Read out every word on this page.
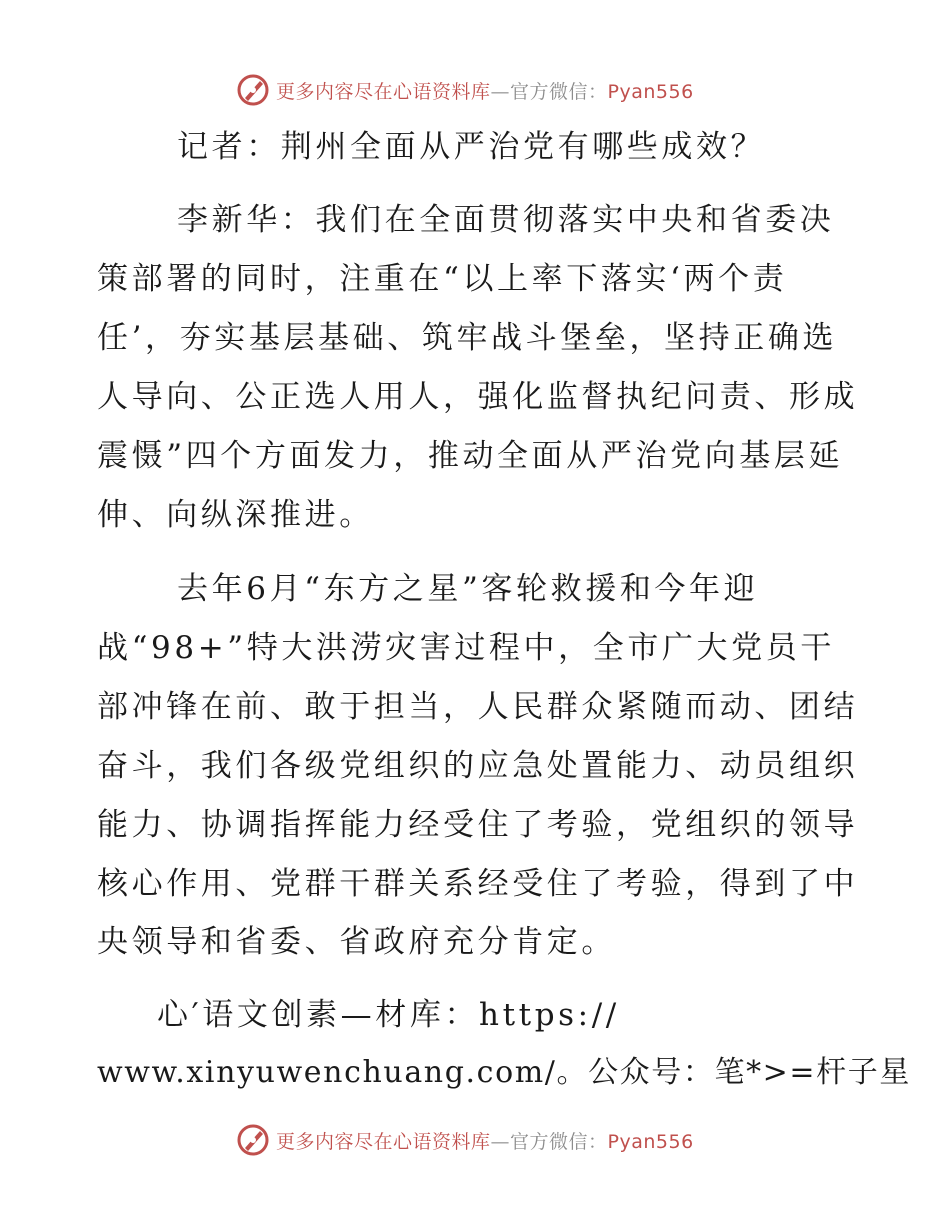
更多内容尽在心语资料库—官方微信：Pyan556
记者：荆州全面从严治党有哪些成效？
李新华：我们在全面贯彻落实中央和省委决
策部署的同时，注重在“以上率下落实‘两个责
任’，夯实基层基础、筑牢战斗堡垒，坚持正确选
人导向、公正选人用人，强化监督执纪问责、形成
震慑”四个方面发力，推动全面从严治党向基层延
伸、向纵深推进。
去年6月“东方之星”客轮救援和今年迎
战“98+”特大洪涝灾害过程中，全市广大党员干
部冲锋在前、敢于担当，人民群众紧随而动、团结
奋斗，我们各级党组织的应急处置能力、动员组织
能力、协调指挥能力经受住了考验，党组织的领导
核心作用、党群干群关系经受住了考验，得到了中
央领导和省委、省政府充分肯定。
心′语文创素—材库：https://
www.xinyuwenchuang.com/。公众号：笔*>=杆子星
更多内容尽在心语资料库—官方微信：Pyan556
